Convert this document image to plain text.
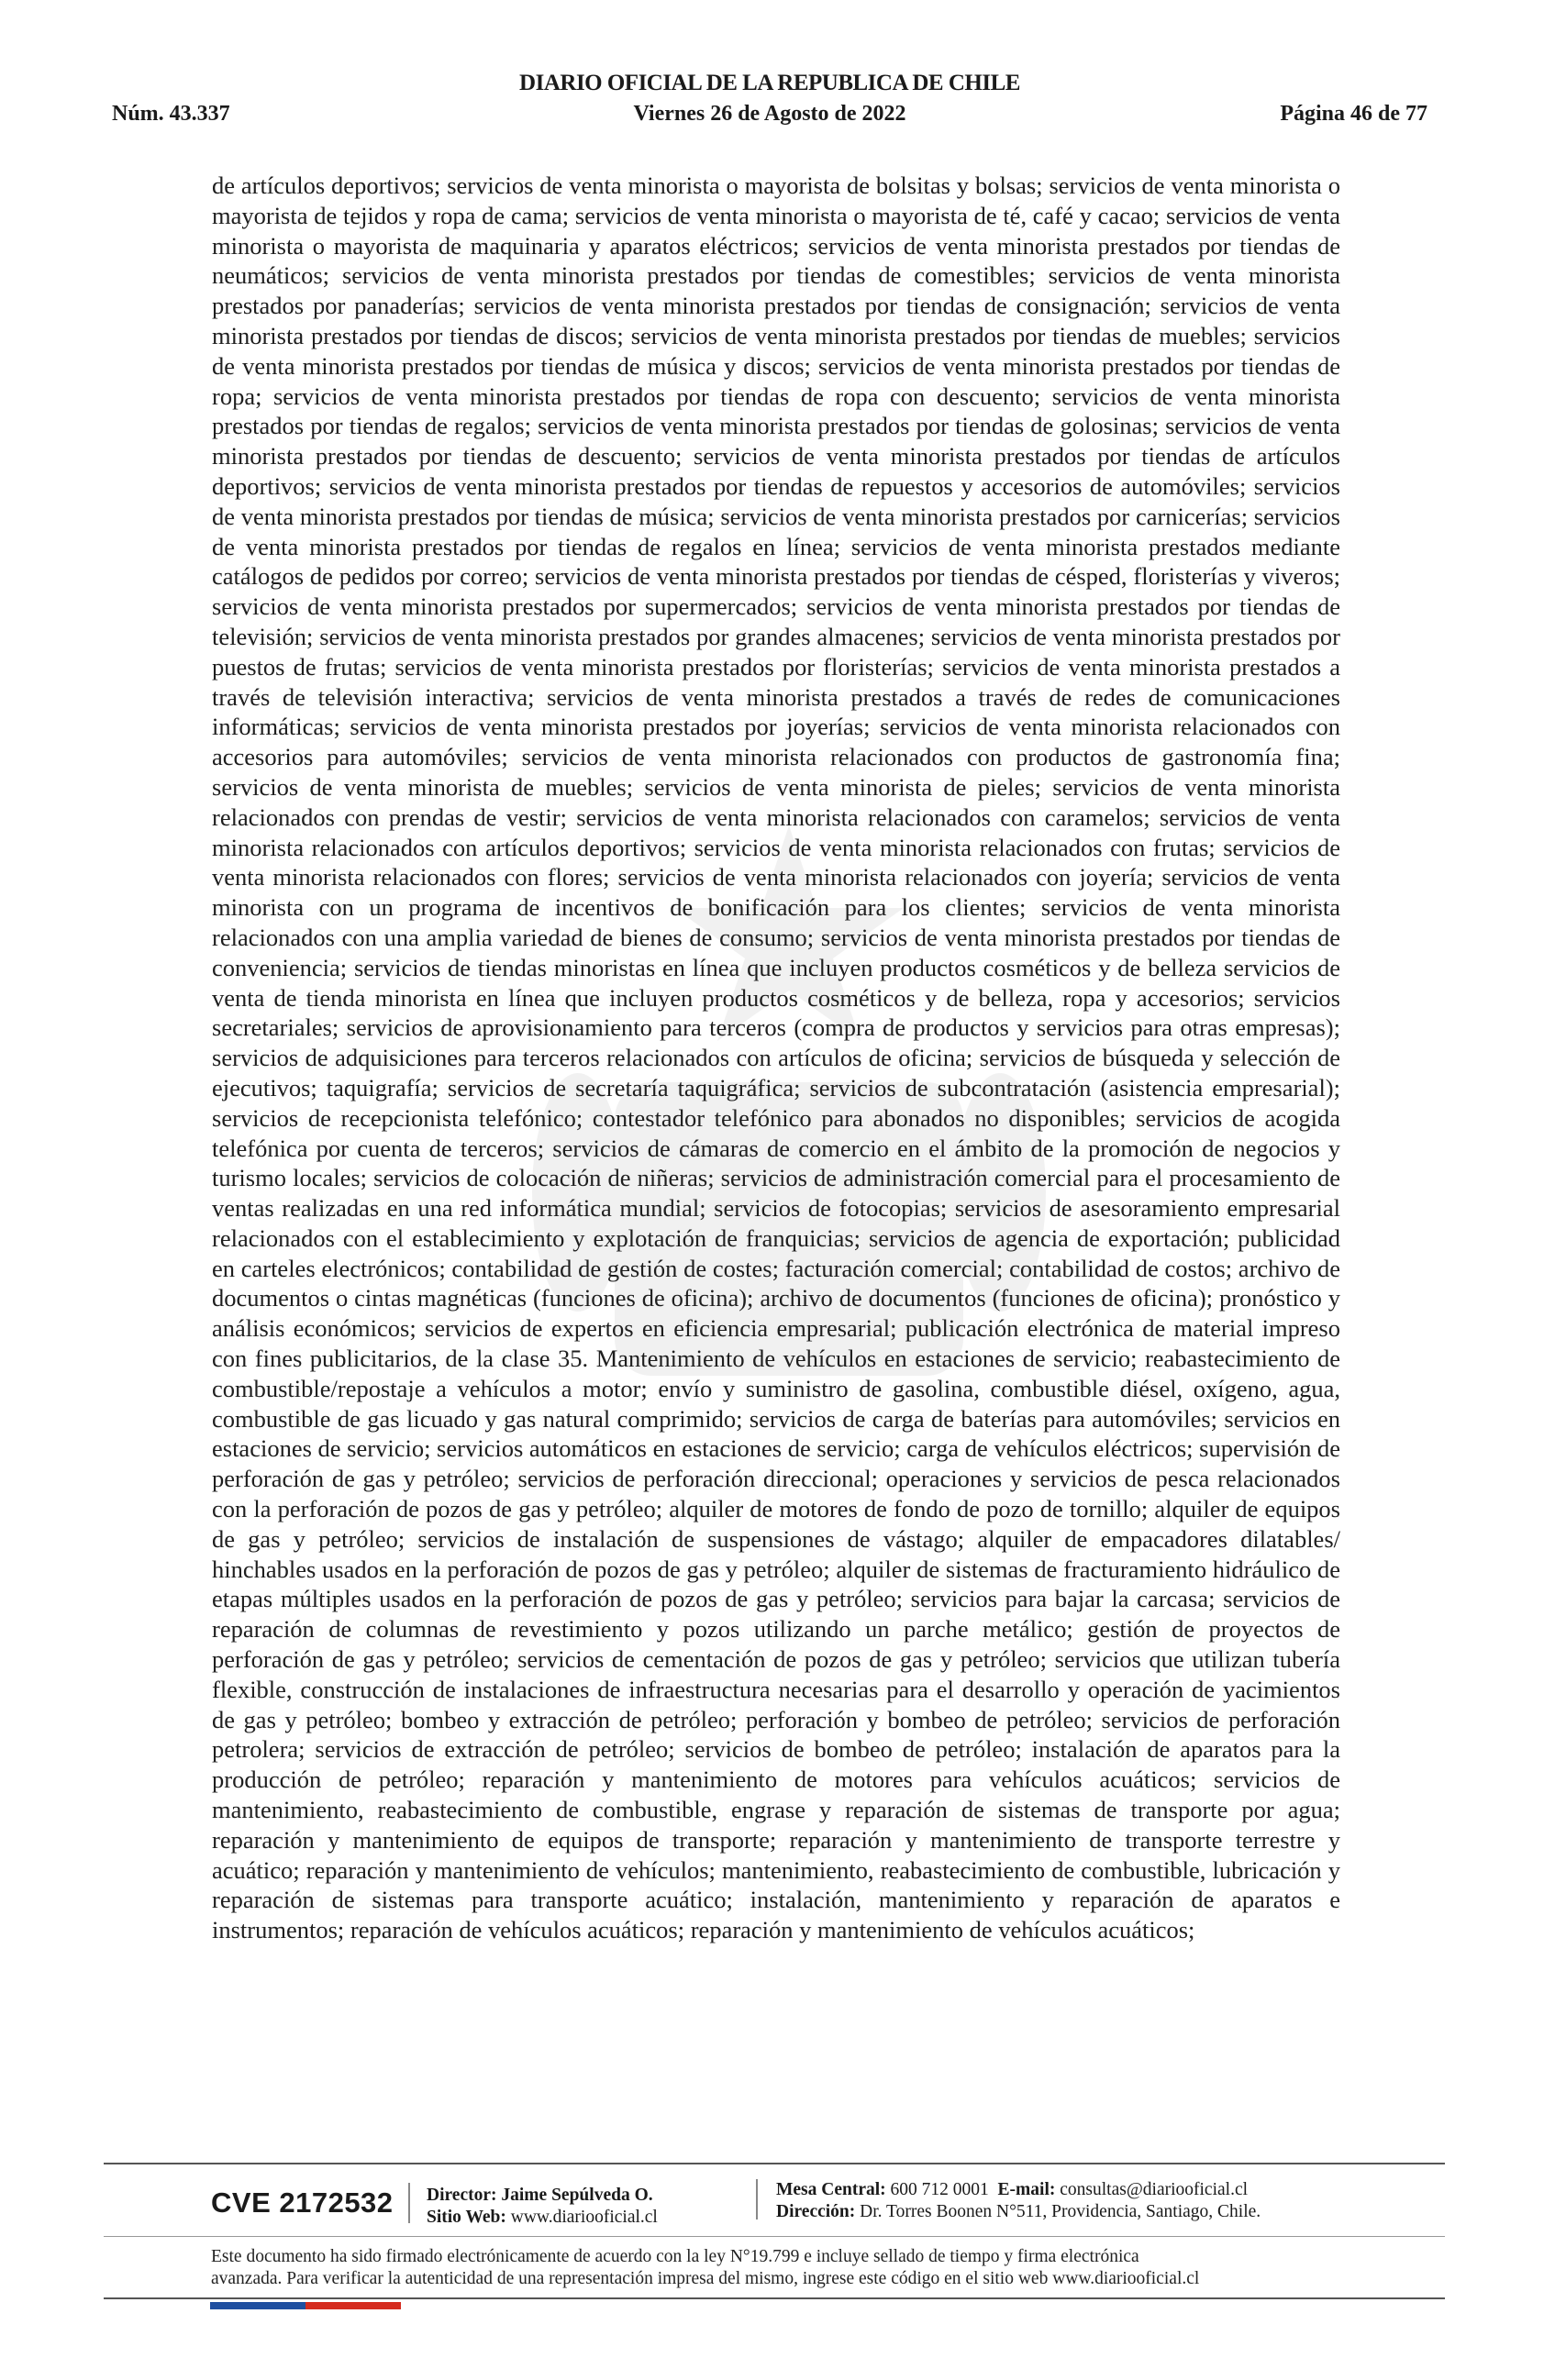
DIARIO OFICIAL DE LA REPUBLICA DE CHILE
Núm. 43.337	Viernes 26 de Agosto de 2022	Página 46 de 77
de artículos deportivos; servicios de venta minorista o mayorista de bolsitas y bolsas; servicios de venta minorista o mayorista de tejidos y ropa de cama; servicios de venta minorista o mayorista de té, café y cacao; servicios de venta minorista o mayorista de maquinaria y aparatos eléctricos; servicios de venta minorista prestados por tiendas de neumáticos; servicios de venta minorista prestados por tiendas de comestibles; servicios de venta minorista prestados por panaderías; servicios de venta minorista prestados por tiendas de consignación; servicios de venta minorista prestados por tiendas de discos; servicios de venta minorista prestados por tiendas de muebles; servicios de venta minorista prestados por tiendas de música y discos; servicios de venta minorista prestados por tiendas de ropa; servicios de venta minorista prestados por tiendas de ropa con descuento; servicios de venta minorista prestados por tiendas de regalos; servicios de venta minorista prestados por tiendas de golosinas; servicios de venta minorista prestados por tiendas de descuento; servicios de venta minorista prestados por tiendas de artículos deportivos; servicios de venta minorista prestados por tiendas de repuestos y accesorios de automóviles; servicios de venta minorista prestados por tiendas de música; servicios de venta minorista prestados por carnicerías; servicios de venta minorista prestados por tiendas de regalos en línea; servicios de venta minorista prestados mediante catálogos de pedidos por correo; servicios de venta minorista prestados por tiendas de césped, floristerías y viveros; servicios de venta minorista prestados por supermercados; servicios de venta minorista prestados por tiendas de televisión; servicios de venta minorista prestados por grandes almacenes; servicios de venta minorista prestados por puestos de frutas; servicios de venta minorista prestados por floristerías; servicios de venta minorista prestados a través de televisión interactiva; servicios de venta minorista prestados a través de redes de comunicaciones informáticas; servicios de venta minorista prestados por joyerías; servicios de venta minorista relacionados con accesorios para automóviles; servicios de venta minorista relacionados con productos de gastronomía fina; servicios de venta minorista de muebles; servicios de venta minorista de pieles; servicios de venta minorista relacionados con prendas de vestir; servicios de venta minorista relacionados con caramelos; servicios de venta minorista relacionados con artículos deportivos; servicios de venta minorista relacionados con frutas; servicios de venta minorista relacionados con flores; servicios de venta minorista relacionados con joyería; servicios de venta minorista con un programa de incentivos de bonificación para los clientes; servicios de venta minorista relacionados con una amplia variedad de bienes de consumo; servicios de venta minorista prestados por tiendas de conveniencia; servicios de tiendas minoristas en línea que incluyen productos cosméticos y de belleza servicios de venta de tienda minorista en línea que incluyen productos cosméticos y de belleza, ropa y accesorios; servicios secretariales; servicios de aprovisionamiento para terceros (compra de productos y servicios para otras empresas); servicios de adquisiciones para terceros relacionados con artículos de oficina; servicios de búsqueda y selección de ejecutivos; taquigrafía; servicios de secretaría taquigráfica; servicios de subcontratación (asistencia empresarial); servicios de recepcionista telefónico; contestador telefónico para abonados no disponibles; servicios de acogida telefónica por cuenta de terceros; servicios de cámaras de comercio en el ámbito de la promoción de negocios y turismo locales; servicios de colocación de niñeras; servicios de administración comercial para el procesamiento de ventas realizadas en una red informática mundial; servicios de fotocopias; servicios de asesoramiento empresarial relacionados con el establecimiento y explotación de franquicias; servicios de agencia de exportación; publicidad en carteles electrónicos; contabilidad de gestión de costes; facturación comercial; contabilidad de costos; archivo de documentos o cintas magnéticas (funciones de oficina); archivo de documentos (funciones de oficina); pronóstico y análisis económicos; servicios de expertos en eficiencia empresarial; publicación electrónica de material impreso con fines publicitarios, de la clase 35. Mantenimiento de vehículos en estaciones de servicio; reabastecimiento de combustible/repostaje a vehículos a motor; envío y suministro de gasolina, combustible diésel, oxígeno, agua, combustible de gas licuado y gas natural comprimido; servicios de carga de baterías para automóviles; servicios en estaciones de servicio; servicios automáticos en estaciones de servicio; carga de vehículos eléctricos; supervisión de perforación de gas y petróleo; servicios de perforación direccional; operaciones y servicios de pesca relacionados con la perforación de pozos de gas y petróleo; alquiler de motores de fondo de pozo de tornillo; alquiler de equipos de gas y petróleo; servicios de instalación de suspensiones de vástago; alquiler de empacadores dilatables/ hinchables usados en la perforación de pozos de gas y petróleo; alquiler de sistemas de fracturamiento hidráulico de etapas múltiples usados en la perforación de pozos de gas y petróleo; servicios para bajar la carcasa; servicios de reparación de columnas de revestimiento y pozos utilizando un parche metálico; gestión de proyectos de perforación de gas y petróleo; servicios de cementación de pozos de gas y petróleo; servicios que utilizan tubería flexible, construcción de instalaciones de infraestructura necesarias para el desarrollo y operación de yacimientos de gas y petróleo; bombeo y extracción de petróleo; perforación y bombeo de petróleo; servicios de perforación petrolera; servicios de extracción de petróleo; servicios de bombeo de petróleo; instalación de aparatos para la producción de petróleo; reparación y mantenimiento de motores para vehículos acuáticos; servicios de mantenimiento, reabastecimiento de combustible, engrase y reparación de sistemas de transporte por agua; reparación y mantenimiento de equipos de transporte; reparación y mantenimiento de transporte terrestre y acuático; reparación y mantenimiento de vehículos; mantenimiento, reabastecimiento de combustible, lubricación y reparación de sistemas para transporte acuático; instalación, mantenimiento y reparación de aparatos e instrumentos; reparación de vehículos acuáticos; reparación y mantenimiento de vehículos acuáticos;
CVE 2172532 Director: Jaime Sepúlveda O.
Sitio Web: www.diariooficial.cl
Mesa Central: 600 712 0001 E-mail: consultas@diariooficial.cl
Dirección: Dr. Torres Boonen N°511, Providencia, Santiago, Chile.
Este documento ha sido firmado electrónicamente de acuerdo con la ley N°19.799 e incluye sellado de tiempo y firma electrónica
avanzada. Para verificar la autenticidad de una representación impresa del mismo, ingrese este código en el sitio web www.diariooficial.cl
